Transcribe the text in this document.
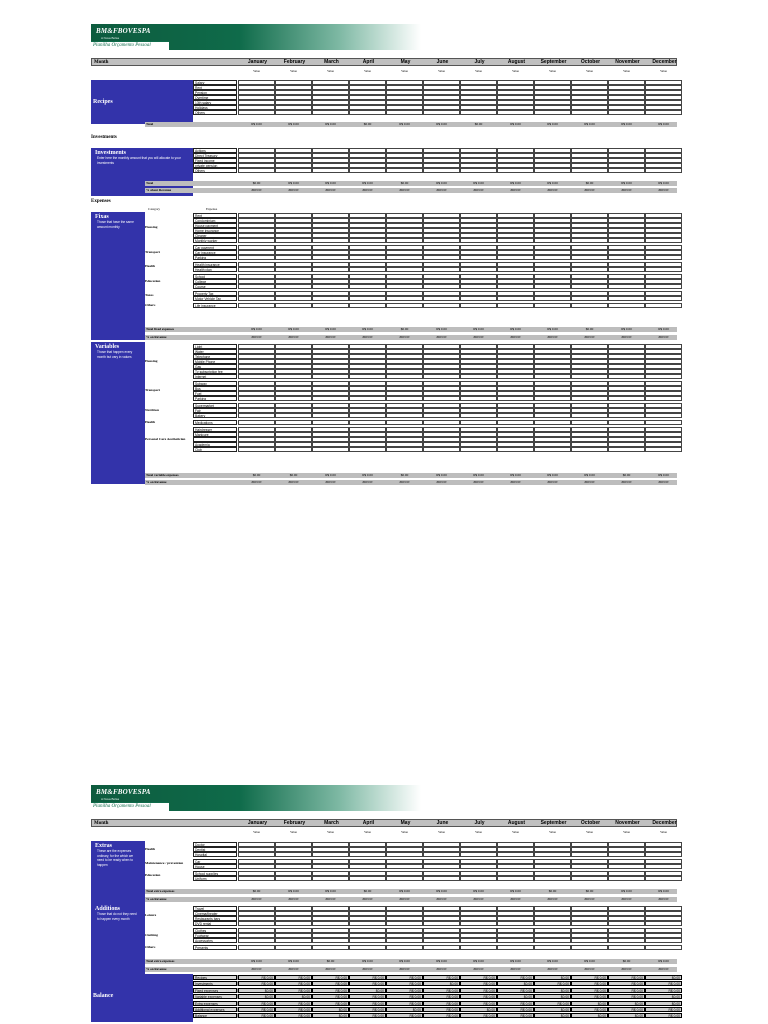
BM&FBOVESPA
A Nova Bolsa
Planilha Orçamento Pessoal
Month	January	February	March	April	May	June	July	August	September	October	November	December
Value	Value	Value	Value	Value	Value	Value	Value	Value	Value	Value	Value
Recipes
Salary
Rent
Pension
Overtime
13th salary
Holidays
Others
Total	R$ 0.00	R$ 0.00	R$ 0.00	$0.00	R$ 0.00	R$ 0.00	$0.00	R$ 0.00	R$ 0.00	R$ 0.00	R$ 0.00	R$ 0.00
Investments
Investments
Enter here the monthly amount that you will allocate to your investments
Actions
Direct Treasury
Fixed income
private pension
Others
Total	$0.00	R$ 0.00	R$ 0.00	R$ 0.00	$0.00	R$ 0.00	R$ 0.00	R$ 0.00	R$ 0.00	$0.00	R$ 0.00	R$ 0.00
% about Revenue	#DIV/0!	#DIV/0!	#DIV/0!	#DIV/0!	#DIV/0!	#DIV/0!	#DIV/0!	#DIV/0!	#DIV/0!	#DIV/0!	#DIV/0!	#DIV/0!
Expenses
Category	Expense
Fixas
Those that have the same amount monthly	Housing
Rent
Condominium
House payment
Home insurance
Cleaner
Monthly worker
Transport
Car payment
Car insurance
Parking
Health	Health insurance
Health plan
Education
School
College
Course
Taxes	Property Tax
Motor Vehicle Tax
Others	Life insurance
Total fixed expenses	R$ 0.00	R$ 0.00	R$ 0.00	R$ 0.00	$0.00	R$ 0.00	R$ 0.00	R$ 0.00	R$ 0.00	$0.00	R$ 0.00	R$ 0.00
% on Revenue	#DIV/0!	#DIV/0!	#DIV/0!	#DIV/0!	#DIV/0!	#DIV/0!	#DIV/0!	#DIV/0!	#DIV/0!	#DIV/0!	#DIV/0!	#DIV/0!
Variables
Those that happen every month but vary in values
Housing
Light
Water
Telephone
Mobile Phone
Gas
Tv subscription fee
Internet
Transport
Subway
Bus
Fuel
Parking
Nutrition
Supermarket
Fair
Bakery
Health	Medications
Personal Care Aesthetician
Hairdresser
Manicure
Academia
Club
Total variable expenses	$0.00	$0.00	R$ 0.00	R$ 0.00	$0.00	R$ 0.00	R$ 0.00	R$ 0.00	R$ 0.00	R$ 0.00	$0.00	R$ 0.00
% on Revenue	#DIV/0!	#DIV/0!	#DIV/0!	#DIV/0!	#DIV/0!	#DIV/0!	#DIV/0!	#DIV/0!	#DIV/0!	#DIV/0!	#DIV/0!	#DIV/0!
BM&FBOVESPA
A Nova Bolsa
Planilha Orçamento Pessoal
Month	January	February	March	April	May	June	July	August	September	October	November	December
Value	Value	Value	Value	Value	Value	Value	Value	Value	Value	Value	Value
Extras
These are the expenses ordinary, for the which we need to be ready when to happen
Health
Doctor
Dentist
Hospital
Maintenance / prevention	Car
House
Education	School supplies
Uniform
Total extra expenses	$0.00	R$ 0.00	R$ 0.00	$0.00	R$ 0.00	R$ 0.00	R$ 0.00	R$ 0.00	$0.00	$0.00	R$ 0.00	R$ 0.00
% on Revenue	#DIV/0!	#DIV/0!	#DIV/0!	#DIV/0!	#DIV/0!	#DIV/0!	#DIV/0!	#DIV/0!	#DIV/0!	#DIV/0!	#DIV/0!	#DIV/0!
Additions
Those that do not they need to happen every month
Leisure
Travel
Cinema/theater
Restaurants bars
DVD rental
Clothing
Clothes
Footwear
Accessories
Others	Presents
Total extra expenses	R$ 0.00	R$ 0.00	$0.00	R$ 0.00	R$ 0.00	R$ 0.00	R$ 0.00	R$ 0.00	R$ 0.00	R$ 0.00	$0.00	R$ 0.00
% on Revenue	#DIV/0!	#DIV/0!	#DIV/0!	#DIV/0!	#DIV/0!	#DIV/0!	#DIV/0!	#DIV/0!	#DIV/0!	#DIV/0!	#DIV/0!	#DIV/0!
Balance
Recipes	R$ 0.00	R$ 0.00	R$ 0.00	R$ 0.00	R$ 0.00	R$ 0.00	R$ 0.00	R$ 0.00	$0.00	R$ 0.00	R$ 0.00	$0.00
Investments	R$ 0.00	R$ 0.00	R$ 0.00	R$ 0.00	R$ 0.00	$0.00	R$ 0.00	$0.00	R$ 0.00	R$ 0.00	R$ 0.00	R$ 0.00
Fixed expenses	$0.00	R$ 0.00	R$ 0.00	$0.00	R$ 0.00	R$ 0.00	R$ 0.00	R$ 0.00	$0.00	R$ 0.00	R$ 0.00	R$ 0.00
Variable expenses	$0.00	$0.00	R$ 0.00	R$ 0.00	R$ 0.00	R$ 0.00	R$ 0.00	$0.00	$0.00	R$ 0.00	R$ 0.00	$0.00
Extra expenses	R$ 0.00	R$ 0.00	R$ 0.00	R$ 0.00	R$ 0.00	R$ 0.00	R$ 0.00	R$ 0.00	R$ 0.00	$0.00	$0.00	$0.00
Additional expenses	R$ 0.00	R$ 0.00	$0.00	R$ 0.00	$0.00	R$ 0.00	$0.00	R$ 0.00	$0.00	R$ 0.00	R$ 0.00	R$ 0.00
Balance	R$ 0.00	R$ 0.00	$0.00	R$ 0.00	R$ 0.00	R$ 0.00	R$ 0.00	R$ 0.00	$0.00	$0.00	$0.00	R$ 0.00
